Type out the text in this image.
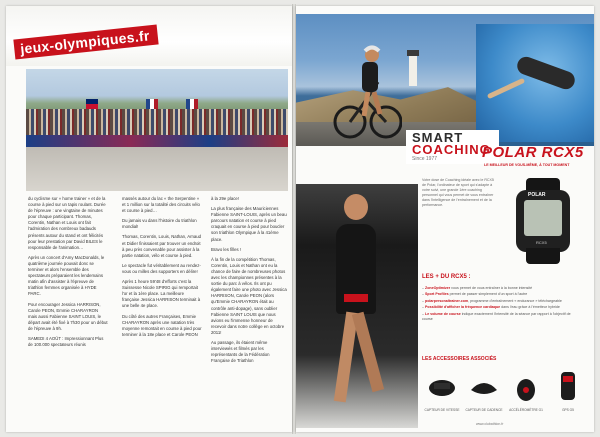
jeux-olympiques.fr

du cyclisme sur « home trainer » et de la course à pied sur un tapis roulant. Durée de l'épreuve : une vingtaine de minutes pour chaque participant. Thomas, Corentin, Nathan et Louis ont fait l'admiration des nombreux badauds présents autour du stand et ont félicités pour leur prestation par David BILES le responsable de l'animation…

Après un concert d'Amy MacDonalds, le quatrième journée pouvait donc se terminer et alors l'ensemble des spectateurs préparaient les lendemains matin afin d'assister à l'épreuve de triathlon femmes organisée à HYDE PARC.

Pour encourager Jessica HARRISON, Carole PEON, Emmie CHARAYRON mais aussi Fabienne SAINT LOUIS, le départ avait été fixé à 7h30 pour un début de l'épreuve à 9h.

SAMEDI 4 AOÛT : Impressionnant Plus de 100.000 spectateurs réunis

massés autour du lac « the Serpentine » et 1 million sur la totalité des circuits vélo et course à pied…

Du jamais vu dans l'histoire du triathlon mondial!

Thomas, Corentin, Louis, Nathan, Arnaud et Didier finissaient par trouver un endroit à peu près convenable pour assister à la partie natation, vélo et course à pied.

Le spectacle fut véritablement au rendez-vous ou milles des supporters en délire!

Après 1 heure 59'48 d'efforts c'est la Suissesse Nicole SPIRIG qui remportait l'or et la 1ère place. La meilleure française Jessica HARRISON terminait à une belle 4e place.

Du côté des autres Françaises, Emmie CHARAYRON après une natation très moyenne remontait en course à pied pour terminer à la 18e place et Carole PEON

à la 29e place!

La plus française des Mauriciennes Fabienne SAINT-LOUIS, après un beau parcours natation et course à pied craquait en course à pied pour boucler son triathlon Olympique à la 41ème place.

Bravo les filles !

À la fin de la compétition Thomas, Corentin, Louis et Nathan ont eu la chance de faire de nombreuses photos avec les championnes présentes à la sortie du parc à vélos. Ils ont pu également faire une photo avec Jessica HARRISON, Carole PEON (alors qu'Emmie CHARAYRON était au contrôle anti-dopage), sans oublier Fabienne SAINT LOUIS que nous avions eu l'immense honneur de recevoir dans notre collège en octobre 2011!

Au passage, ils étaient même interviewés et filmés par les représentants de la Fédération Française de Triathlon

SMART
COACHING
Since 1977	POLAR RCX5
LE MEILLEUR DE VOUS-MÊME, À TOUT MOMENT
Votre dose de Coaching idéale avec le RCX5 de Polar, l'ordinateur de sport qui s'adapte à votre suivi, une grande 1ère coaching personnel qui vous permet de vous entraîner dans l'intelligence de l'entraînement et de la performance.
POLAR
RCX5
LES + DU RCX5 :

– ZoneOptimizer vous permet de vous entraîner à la bonne intensité

– Sport Profiles permet de passer simplement d'un sport à l'autre

– polarpersonaltrainer.com, programme d'entraînement « endurance » téléchargeable

– Possibilité d'afficher la fréquence cardiaque dans l'eau grâce à l'émetteur hybride

– Le volume de course indique exactement l'intensité de la séance par rapport à l'objectif de course

LES ACCESSOIRES ASSOCIÉS
CAPTEUR DE VITESSE	CAPTEUR DE CADENCE	ACCÉLÉROMÈTRE G1	GPS G5
www.clubathlon.fr
